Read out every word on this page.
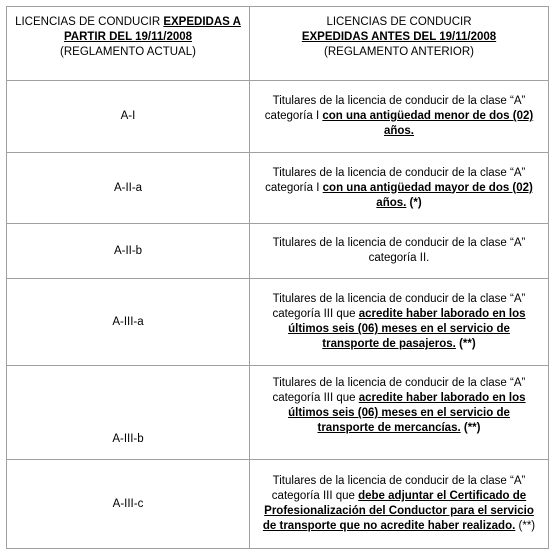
LICENCIAS DE CONDUCIR EXPEDIDAS A
PARTIR DEL 19/11/2008
(REGLAMENTO ACTUAL)	LICENCIAS DE CONDUCIR
EXPEDIDAS ANTES DEL 19/11/2008
(REGLAMENTO ANTERIOR)

A-I	Titulares de la licencia de conducir de la clase “A”
categoría I con una antigüedad menor de dos (02)
años.

A-II-a	Titulares de la licencia de conducir de la clase “A”
categoría I con una antigüedad mayor de dos (02)
años. (*)

A-II-b	Titulares de la licencia de conducir de la clase “A”
categoría II.

A-III-a	Titulares de la licencia de conducir de la clase “A”
categoría III que acredite haber laborado en los
últimos seis (06) meses en el servicio de
transporte de pasajeros. (**)

A-III-b	Titulares de la licencia de conducir de la clase “A”
categoría III que acredite haber laborado en los
últimos seis (06) meses en el servicio de
transporte de mercancías. (**)

A-III-c	Titulares de la licencia de conducir de la clase “A”
categoría III que debe adjuntar el Certificado de
Profesionalización del Conductor para el servicio
de transporte que no acredite haber realizado. (**)
